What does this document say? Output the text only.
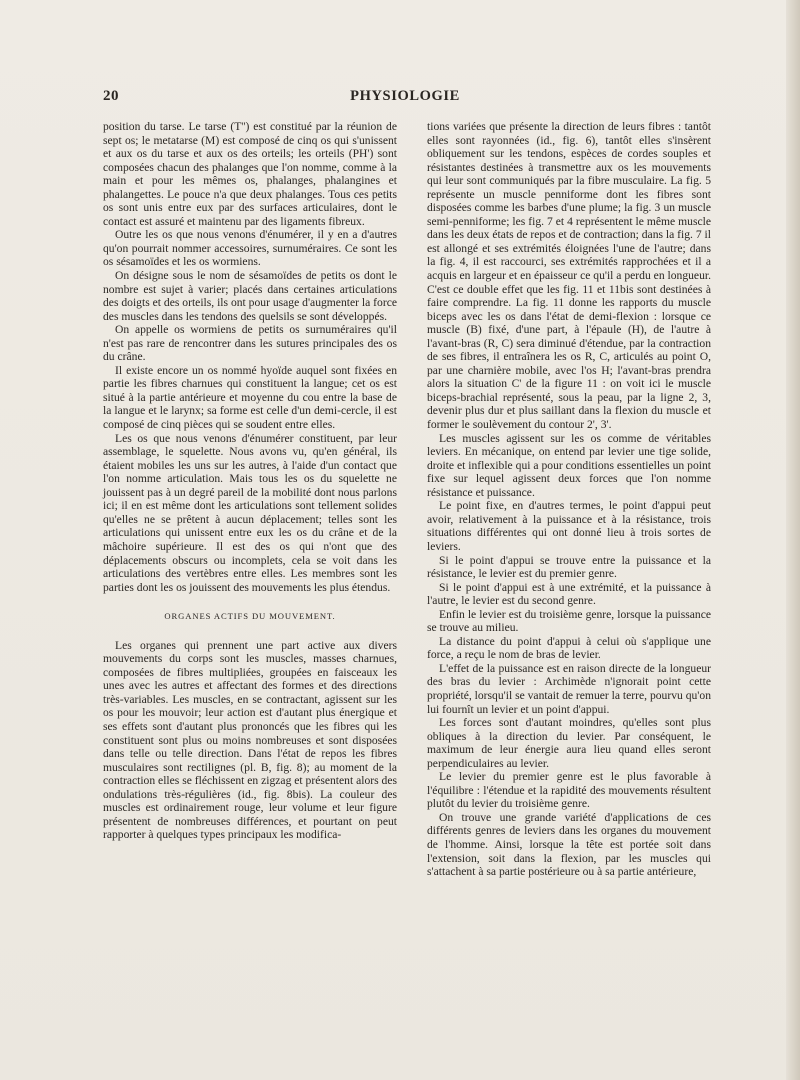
20	PHYSIOLOGIE

position du tarse. Le tarse (T'') est constitué par la réunion de sept os; le metatarse (M) est composé de cinq os qui s'unissent et aux os du tarse et aux os des orteils; les orteils (PH') sont composées chacun des phalanges que l'on nomme, comme à la main et pour les mêmes os, phalanges, phalangines et phalangettes. Le pouce n'a que deux phalanges. Tous ces petits os sont unis entre eux par des surfaces articulaires, dont le contact est assuré et maintenu par des ligaments fibreux.

Outre les os que nous venons d'énumérer, il y en a d'autres qu'on pourrait nommer accessoires, surnuméraires. Ce sont les os sésamoïdes et les os wormiens.

On désigne sous le nom de sésamoïdes de petits os dont le nombre est sujet à varier; placés dans certaines articulations des doigts et des orteils, ils ont pour usage d'augmenter la force des muscles dans les tendons des quelsils se sont développés.

On appelle os wormiens de petits os surnuméraires qu'il n'est pas rare de rencontrer dans les sutures principales des os du crâne.

Il existe encore un os nommé hyoïde auquel sont fixées en partie les fibres charnues qui constituent la langue; cet os est situé à la partie antérieure et moyenne du cou entre la base de la langue et le larynx; sa forme est celle d'un demi-cercle, il est composé de cinq pièces qui se soudent entre elles.

Les os que nous venons d'énumérer constituent, par leur assemblage, le squelette. Nous avons vu, qu'en général, ils étaient mobiles les uns sur les autres, à l'aide d'un contact que l'on nomme articulation. Mais tous les os du squelette ne jouissent pas à un degré pareil de la mobilité dont nous parlons ici; il en est même dont les articulations sont tellement solides qu'elles ne se prêtent à aucun déplacement; telles sont les articulations qui unissent entre eux les os du crâne et de la mâchoire supérieure. Il est des os qui n'ont que des déplacements obscurs ou incomplets, cela se voit dans les articulations des vertèbres entre elles. Les membres sont les parties dont les os jouissent des mouvements les plus étendus.

ORGANES ACTIFS DU MOUVEMENT.

Les organes qui prennent une part active aux divers mouvements du corps sont les muscles, masses charnues, composées de fibres multipliées, groupées en faisceaux les unes avec les autres et affectant des formes et des directions très-variables. Les muscles, en se contractant, agissent sur les os pour les mouvoir; leur action est d'autant plus énergique et ses effets sont d'autant plus prononcés que les fibres qui les constituent sont plus ou moins nombreuses et sont disposées dans telle ou telle direction. Dans l'état de repos les fibres musculaires sont rectilignes (pl. B, fig. 8); au moment de la contraction elles se fléchissent en zigzag et présentent alors des ondulations très-régulières (id., fig. 8bis). La couleur des muscles est ordinairement rouge, leur volume et leur figure présentent de nombreuses différences, et pourtant on peut rapporter à quelques types principaux les modifica-

tions variées que présente la direction de leurs fibres : tantôt elles sont rayonnées (id., fig. 6), tantôt elles s'insèrent obliquement sur les tendons, espèces de cordes souples et résistantes destinées à transmettre aux os les mouvements qui leur sont communiqués par la fibre musculaire. La fig. 5 représente un muscle penniforme dont les fibres sont disposées comme les barbes d'une plume; la fig. 3 un muscle semi-penniforme; les fig. 7 et 4 représentent le même muscle dans les deux états de repos et de contraction; dans la fig. 7 il est allongé et ses extrémités éloignées l'une de l'autre; dans la fig. 4, il est raccourci, ses extrémités rapprochées et il a acquis en largeur et en épaisseur ce qu'il a perdu en longueur. C'est ce double effet que les fig. 11 et 11bis sont destinées à faire comprendre. La fig. 11 donne les rapports du muscle biceps avec les os dans l'état de demi-flexion : lorsque ce muscle (B) fixé, d'une part, à l'épaule (H), de l'autre à l'avant-bras (R, C) sera diminué d'étendue, par la contraction de ses fibres, il entraînera les os R, C, articulés au point O, par une charnière mobile, avec l'os H; l'avant-bras prendra alors la situation C' de la figure 11 : on voit ici le muscle biceps-brachial représenté, sous la peau, par la ligne 2, 3, devenir plus dur et plus saillant dans la flexion du muscle et former le soulèvement du contour 2', 3'.

Les muscles agissent sur les os comme de véritables leviers. En mécanique, on entend par levier une tige solide, droite et inflexible qui a pour conditions essentielles un point fixe sur lequel agissent deux forces que l'on nomme résistance et puissance.

Le point fixe, en d'autres termes, le point d'appui peut avoir, relativement à la puissance et à la résistance, trois situations différentes qui ont donné lieu à trois sortes de leviers.

Si le point d'appui se trouve entre la puissance et la résistance, le levier est du premier genre.

Si le point d'appui est à une extrémité, et la puissance à l'autre, le levier est du second genre.

Enfin le levier est du troisième genre, lorsque la puissance se trouve au milieu.

La distance du point d'appui à celui où s'applique une force, a reçu le nom de bras de levier.

L'effet de la puissance est en raison directe de la longueur des bras du levier : Archimède n'ignorait point cette propriété, lorsqu'il se vantait de remuer la terre, pourvu qu'on lui fournît un levier et un point d'appui.

Les forces sont d'autant moindres, qu'elles sont plus obliques à la direction du levier. Par conséquent, le maximum de leur énergie aura lieu quand elles seront perpendiculaires au levier.

Le levier du premier genre est le plus favorable à l'équilibre : l'étendue et la rapidité des mouvements résultent plutôt du levier du troisième genre.

On trouve une grande variété d'applications de ces différents genres de leviers dans les organes du mouvement de l'homme. Ainsi, lorsque la tête est portée soit dans l'extension, soit dans la flexion, par les muscles qui s'attachent à sa partie postérieure ou à sa partie antérieure,
